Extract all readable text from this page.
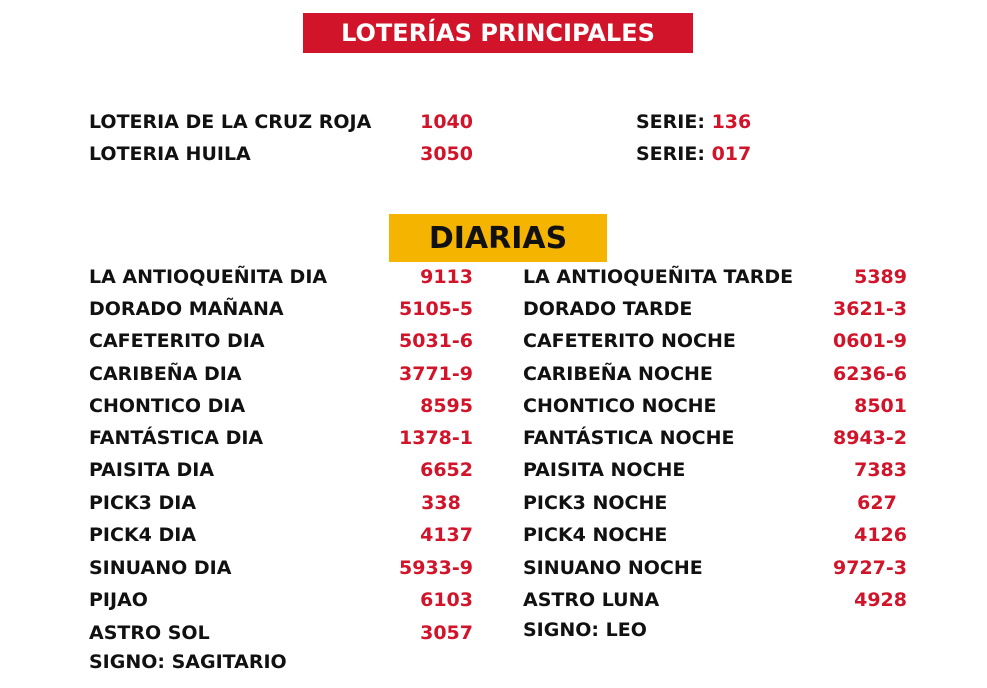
LOTERÍAS PRINCIPALES
LOTERIA DE LA CRUZ ROJA	1040	SERIE: 136
LOTERIA HUILA	3050	SERIE: 017
DIARIAS
LA ANTIOQUEÑITA DIA	9113
DORADO MAÑANA	5105-5
CAFETERITO DIA	5031-6
CARIBEÑA DIA	3771-9
CHONTICO DIA	8595
FANTÁSTICA DIA	1378-1
PAISITA DIA	6652
PICK3 DIA	338
PICK4 DIA	4137
SINUANO DIA	5933-9
PIJAO	6103
ASTRO SOL	3057
SIGNO: SAGITARIO
LA ANTIOQUEÑITA TARDE	5389
DORADO TARDE	3621-3
CAFETERITO NOCHE	0601-9
CARIBEÑA NOCHE	6236-6
CHONTICO NOCHE	8501
FANTÁSTICA NOCHE	8943-2
PAISITA NOCHE	7383
PICK3 NOCHE	627
PICK4 NOCHE	4126
SINUANO NOCHE	9727-3
ASTRO LUNA	4928
SIGNO: LEO
